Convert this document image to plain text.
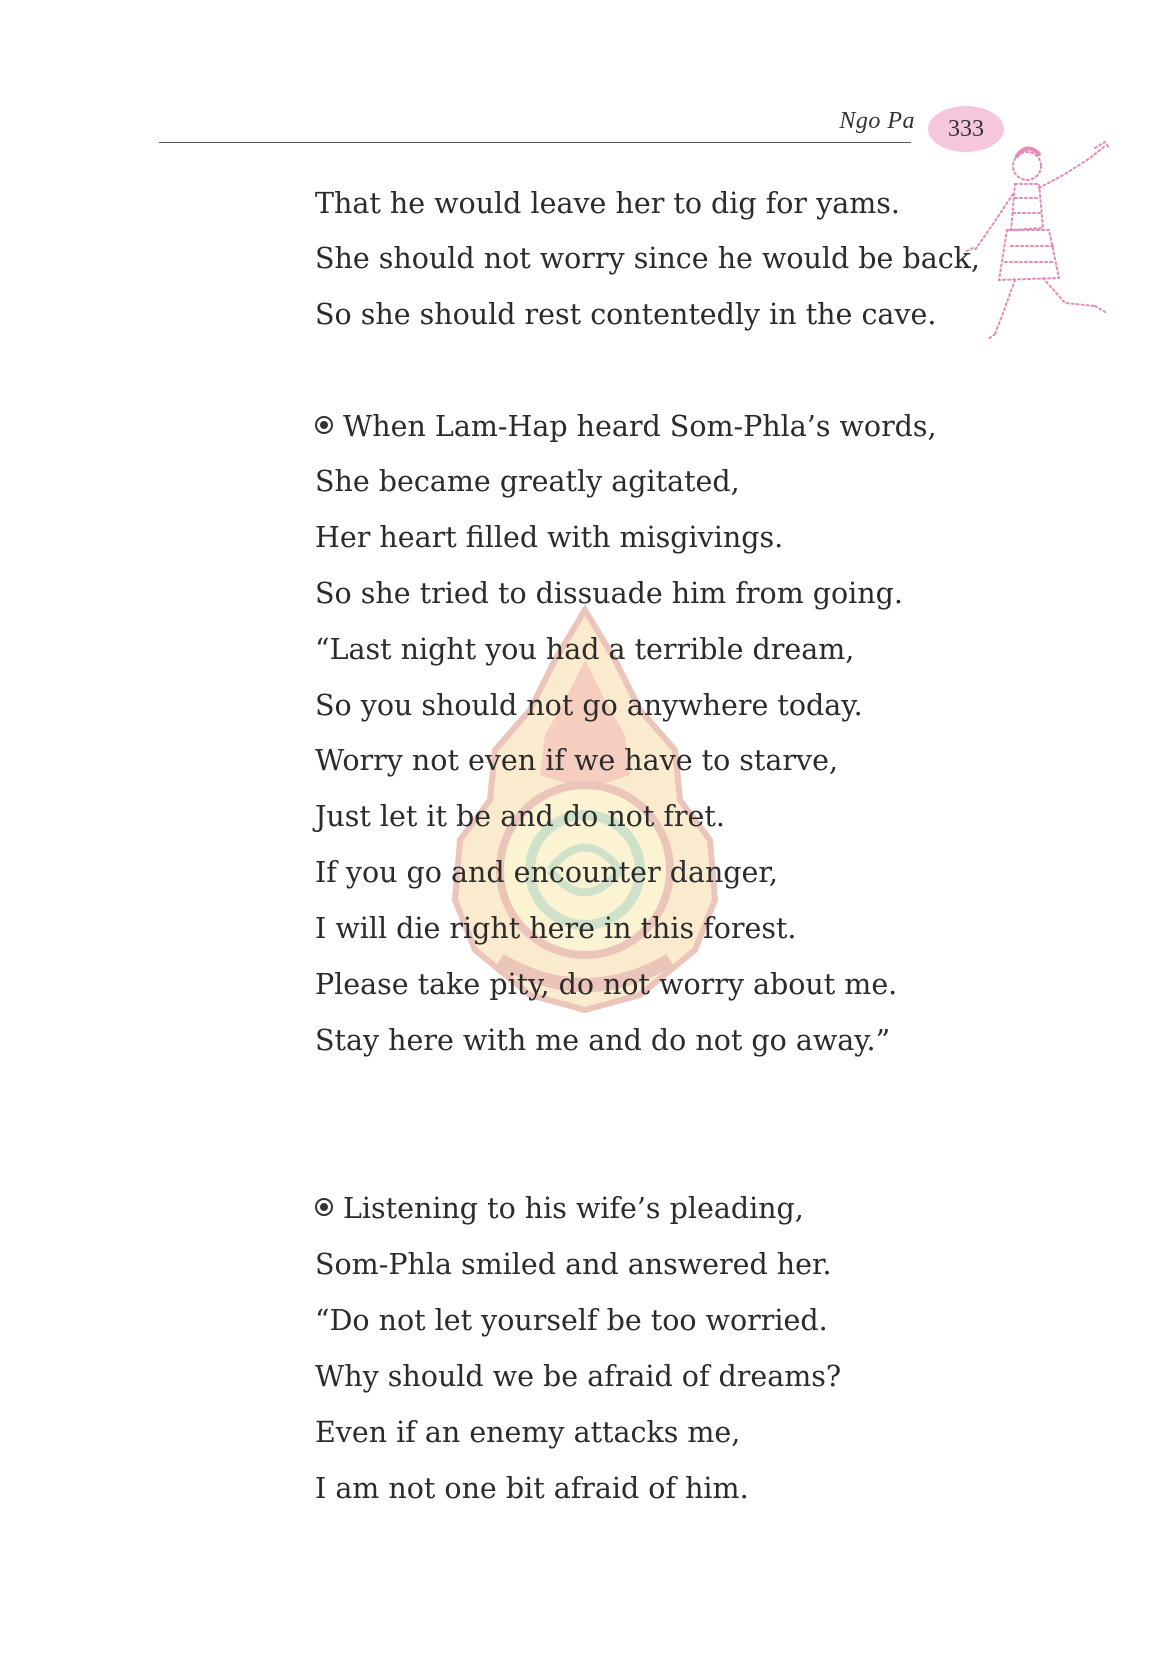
Ngo Pa 333
That he would leave her to dig for yams.
She should not worry since he would be back,
So she should rest contentedly in the cave.
When Lam-Hap heard Som-Phla’s words,
She became greatly agitated,
Her heart filled with misgivings.
So she tried to dissuade him from going.
“Last night you had a terrible dream,
So you should not go anywhere today.
Worry not even if we have to starve,
Just let it be and do not fret.
If you go and encounter danger,
I will die right here in this forest.
Please take pity, do not worry about me.
Stay here with me and do not go away.”
Listening to his wife’s pleading,
Som-Phla smiled and answered her.
“Do not let yourself be too worried.
Why should we be afraid of dreams?
Even if an enemy attacks me,
I am not one bit afraid of him.
